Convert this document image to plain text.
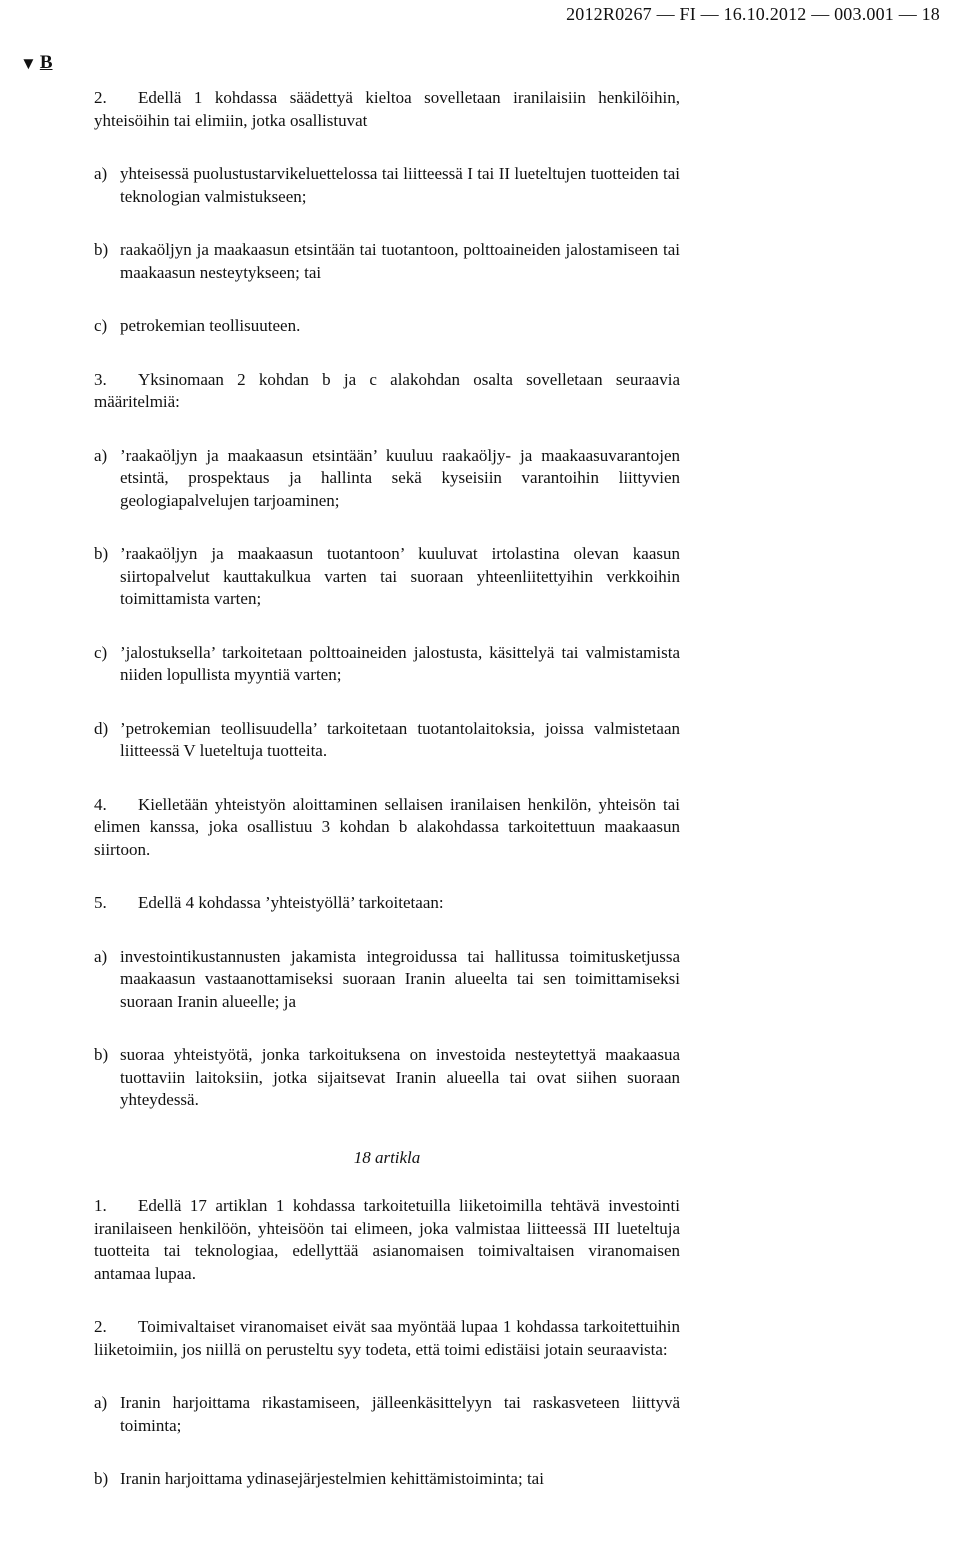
2012R0267 — FI — 16.10.2012 — 003.001 — 18
▼ B

2. Edellä 1 kohdassa säädettyä kieltoa sovelletaan iranilaisiin henkilöihin, yhteisöihin tai elimiin, jotka osallistuvat

a) yhteisessä puolustustarvikeluettelossa tai liitteessä I tai II lueteltujen tuotteiden tai teknologian valmistukseen;

b) raakaöljyn ja maakaasun etsintään tai tuotantoon, polttoaineiden jalostamiseen tai maakaasun nesteytykseen; tai

c) petrokemian teollisuuteen.

3. Yksinomaan 2 kohdan b ja c alakohdan osalta sovelletaan seuraavia määritelmiä:

a) ’raakaöljyn ja maakaasun etsintään’ kuuluu raakaöljy- ja maakaasuvarantojen etsintä, prospektaus ja hallinta sekä kyseisiin varantoihin liittyvien geologiapalvelujen tarjoaminen;

b) ’raakaöljyn ja maakaasun tuotantoon’ kuuluvat irtolastina olevan kaasun siirtopalvelut kauttakulkua varten tai suoraan yhteenliitettyihin verkkoihin toimittamista varten;

c) ’jalostuksella’ tarkoitetaan polttoaineiden jalostusta, käsittelyä tai valmistamista niiden lopullista myyntiä varten;

d) ’petrokemian teollisuudella’ tarkoitetaan tuotantolaitoksia, joissa valmistetaan liitteessä V lueteltuja tuotteita.

4. Kielletään yhteistyön aloittaminen sellaisen iranilaisen henkilön, yhteisön tai elimen kanssa, joka osallistuu 3 kohdan b alakohdassa tarkoitettuun maakaasun siirtoon.

5. Edellä 4 kohdassa ’yhteistyöllä’ tarkoitetaan:

a) investointikustannusten jakamista integroidussa tai hallitussa toimitusketjussa maakaasun vastaanottamiseksi suoraan Iranin alueelta tai sen toimittamiseksi suoraan Iranin alueelle; ja

b) suoraa yhteistyötä, jonka tarkoituksena on investoida nesteytettyä maakaasua tuottaviin laitoksiin, jotka sijaitsevat Iranin alueella tai ovat siihen suoraan yhteydessä.

18 artikla

1. Edellä 17 artiklan 1 kohdassa tarkoitetuilla liiketoimilla tehtävä investointi iranilaiseen henkilöön, yhteisöön tai elimeen, joka valmistaa liitteessä III lueteltuja tuotteita tai teknologiaa, edellyttää asianomaisen toimivaltaisen viranomaisen antamaa lupaa.

2. Toimivaltaiset viranomaiset eivät saa myöntää lupaa 1 kohdassa tarkoitettuihin liiketoimiin, jos niillä on perusteltu syy todeta, että toimi edistäisi jotain seuraavista:

a) Iranin harjoittama rikastamiseen, jälleenkäsittelyyn tai raskasveteen liittyvä toiminta;

b) Iranin harjoittama ydinasejärjestelmien kehittämistoiminta; tai
